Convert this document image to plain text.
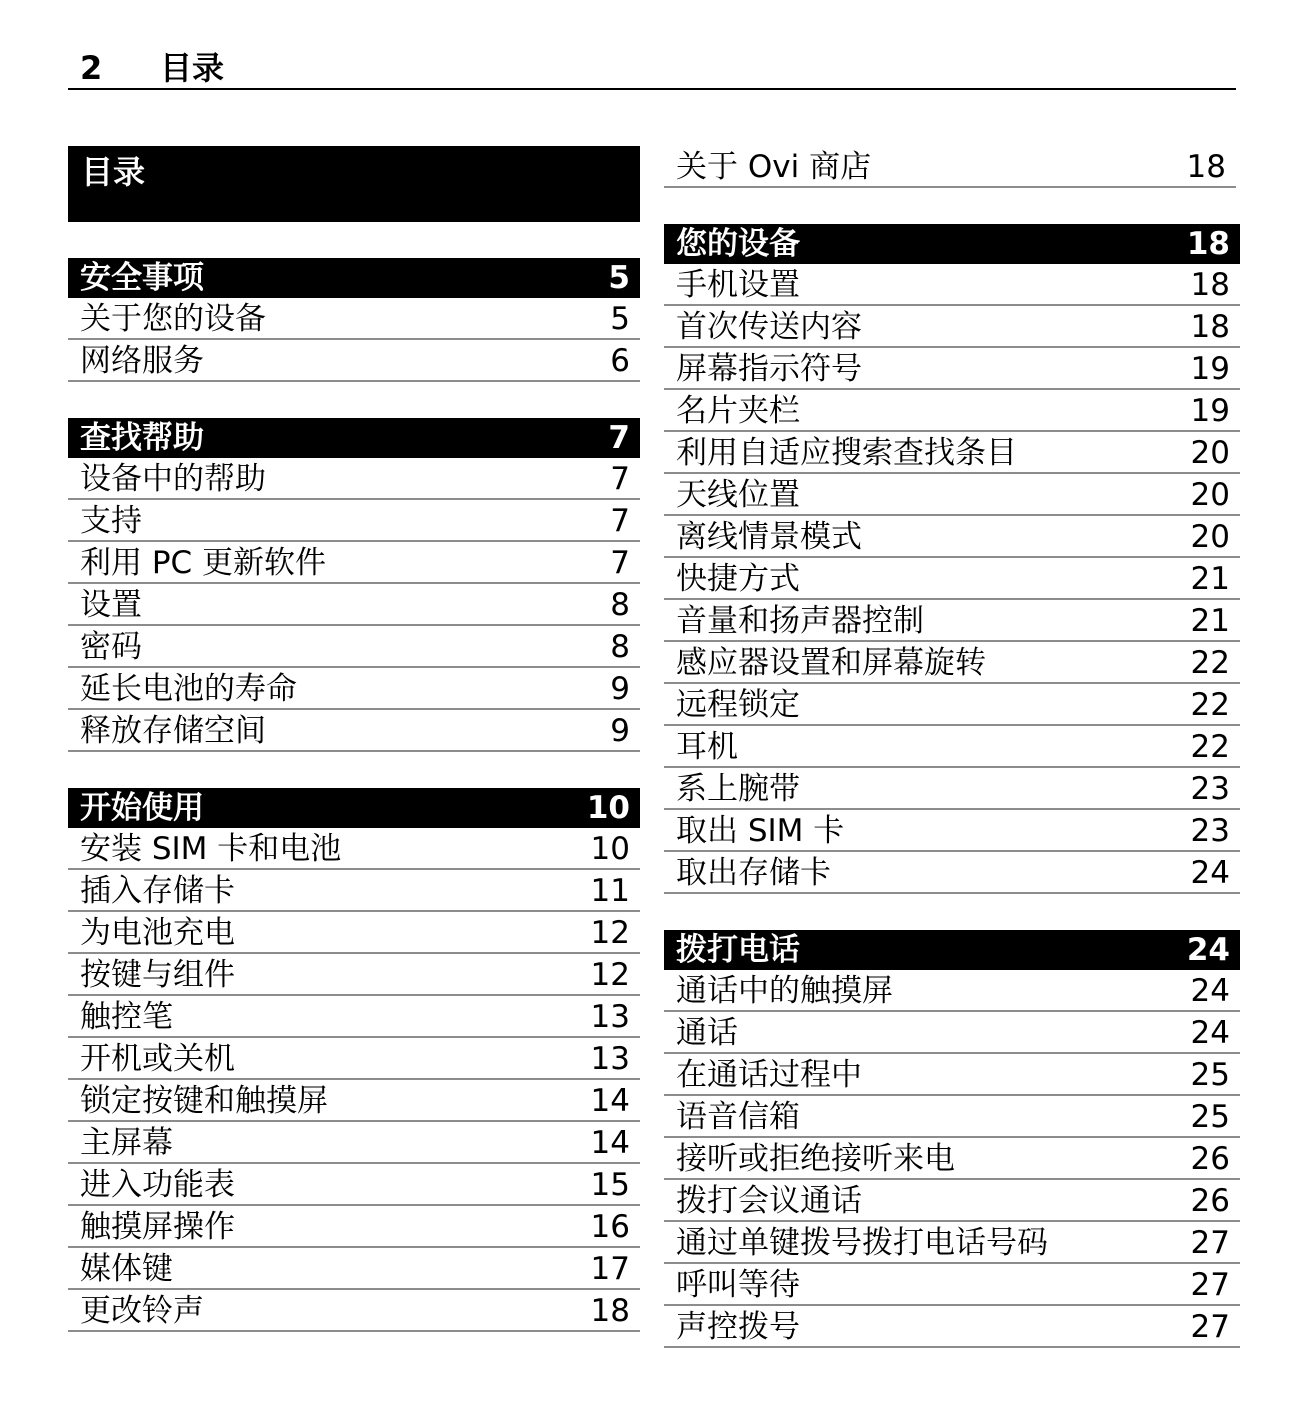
2 目录
目录
安全事项	5
关于您的设备	5
网络服务	6
查找帮助	7
设备中的帮助	7
支持	7
利用 PC 更新软件	7
设置	8
密码	8
延长电池的寿命	9
释放存储空间	9
开始使用	10
安装 SIM 卡和电池	10
插入存储卡	11
为电池充电	12
按键与组件	12
触控笔	13
开机或关机	13
锁定按键和触摸屏	14
主屏幕	14
进入功能表	15
触摸屏操作	16
媒体键	17
更改铃声	18
关于 Ovi 商店	18
您的设备	18
手机设置	18
首次传送内容	18
屏幕指示符号	19
名片夹栏	19
利用自适应搜索查找条目	20
天线位置	20
离线情景模式	20
快捷方式	21
音量和扬声器控制	21
感应器设置和屏幕旋转	22
远程锁定	22
耳机	22
系上腕带	23
取出 SIM 卡	23
取出存储卡	24
拨打电话	24
通话中的触摸屏	24
通话	24
在通话过程中	25
语音信箱	25
接听或拒绝接听来电	26
拨打会议通话	26
通过单键拨号拨打电话号码	27
呼叫等待	27
声控拨号	27
